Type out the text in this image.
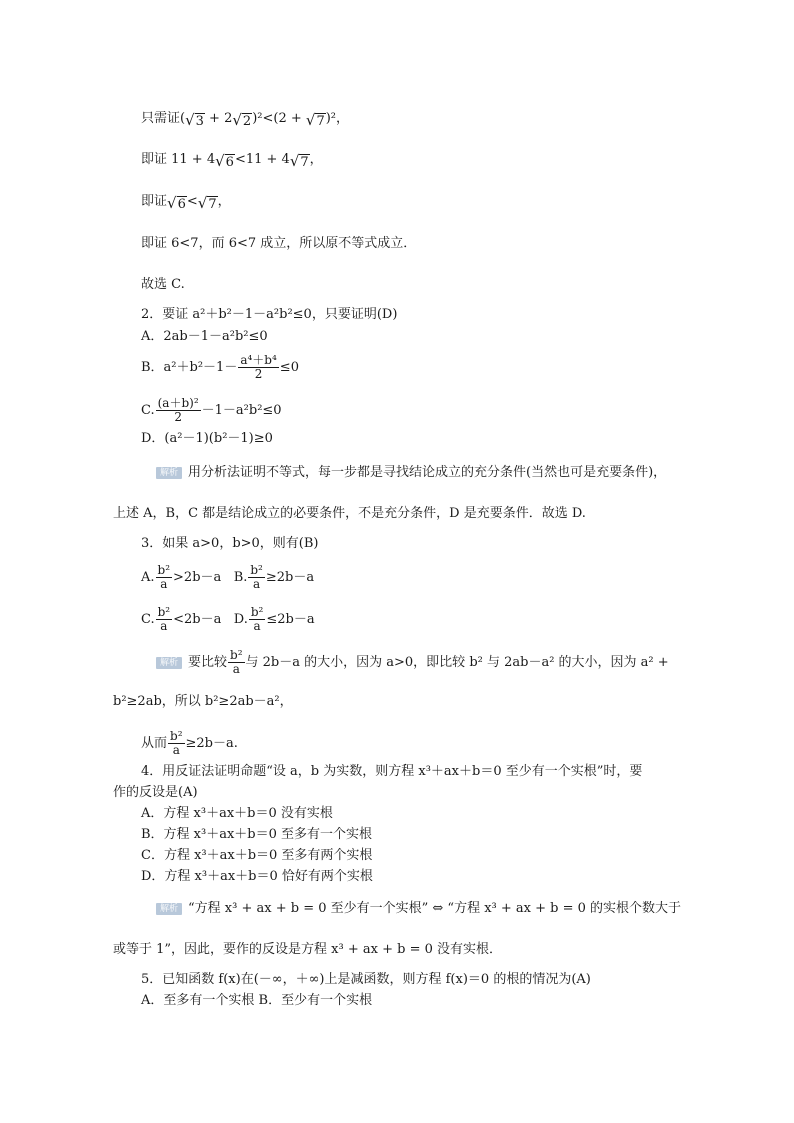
只需证(√3 + 2√2)²<(2 + √7)²，
即证 11 + 4√6<11 + 4√7，
即证√6<√7，
即证 6<7，而 6<7 成立，所以原不等式成立．
故选 C.
2．要证 a²＋b²－1－a²b²≤0，只要证明(D)
A．2ab－1－a²b²≤0
B．$a^2+b^2-1- \frac{\text{a⁴＋b⁴}}{2} \le 0$
C. $\frac{\text{(a＋b)²}}{2} -1-a^2b^2\le 0$
D．(a²－1)(b²－1)≥0
解析 用分析法证明不等式，每一步都是寻找结论成立的充分条件(当然也可是充要条件)，
上述 A，B，C 都是结论成立的必要条件，不是充分条件，D 是充要条件．故选 D.
3．如果 a>0，b>0，则有(B)
A. $\frac{\text{b²}}{a} >2b-a$ B. $\frac{\text{b²}}{a} \ge 2b-a$
C. $\frac{\text{b²}}{a} <2b-a$ D. $\frac{\text{b²}}{a} \le 2b-a$
解析 要比较 $\frac{\text{b²}}{a}$ 与 2b－a 的大小，因为 a>0，即比较 b² 与 2ab－a² 的大小，因为 a² +
b²≥2ab，所以 b²≥2ab－a²，
从而 $\frac{\text{b²}}{a} \ge 2b-a$.
4．用反证法证明命题“设 a，b 为实数，则方程 x³＋ax＋b＝0 至少有一个实根”时，要
作的反设是(A)
A．方程 x³＋ax＋b＝0 没有实根
B．方程 x³＋ax＋b＝0 至多有一个实根
C．方程 x³＋ax＋b＝0 至多有两个实根
D．方程 x³＋ax＋b＝0 恰好有两个实根
解析 “方程 x³ + ax + b = 0 至少有一个实根” ⇔ “方程 x³ + ax + b = 0 的实根个数大于
或等于 1”，因此，要作的反设是方程 x³ + ax + b = 0 没有实根．
5．已知函数 f(x)在(－∞，＋∞)上是减函数，则方程 f(x)＝0 的根的情况为(A)
A．至多有一个实根 B．至少有一个实根
